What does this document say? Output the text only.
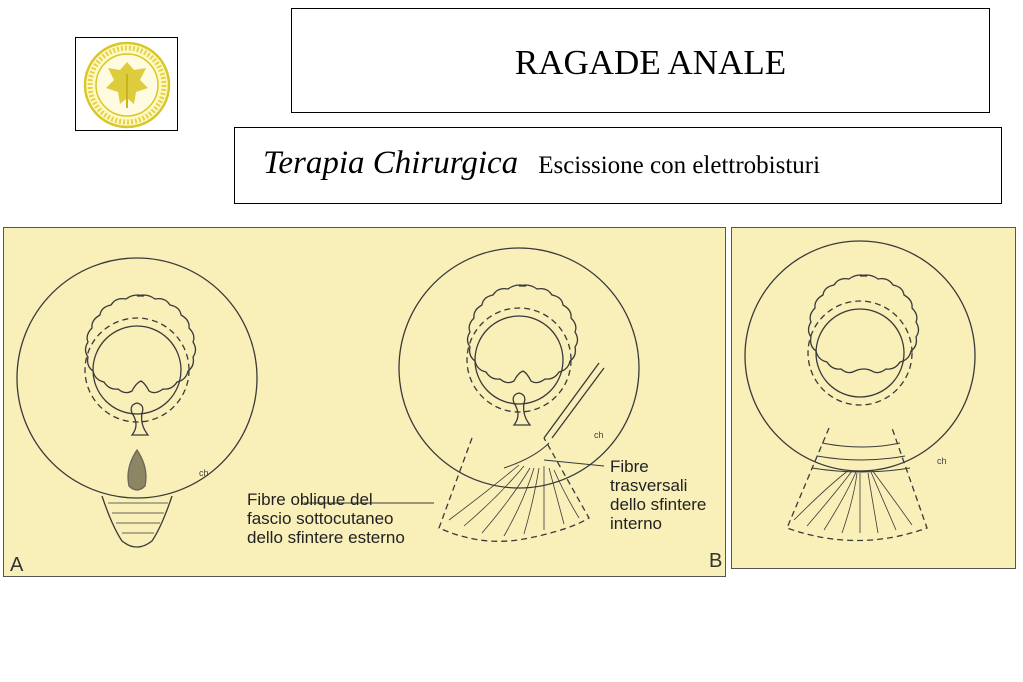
RAGADE ANALE
Terapia Chirurgica Escissione con elettrobisturi
ch
ch
Fibre oblique del
fascio sottocutaneo
dello sfintere esterno
Fibre
trasversali
dello sfintere
interno
A	B
ch
